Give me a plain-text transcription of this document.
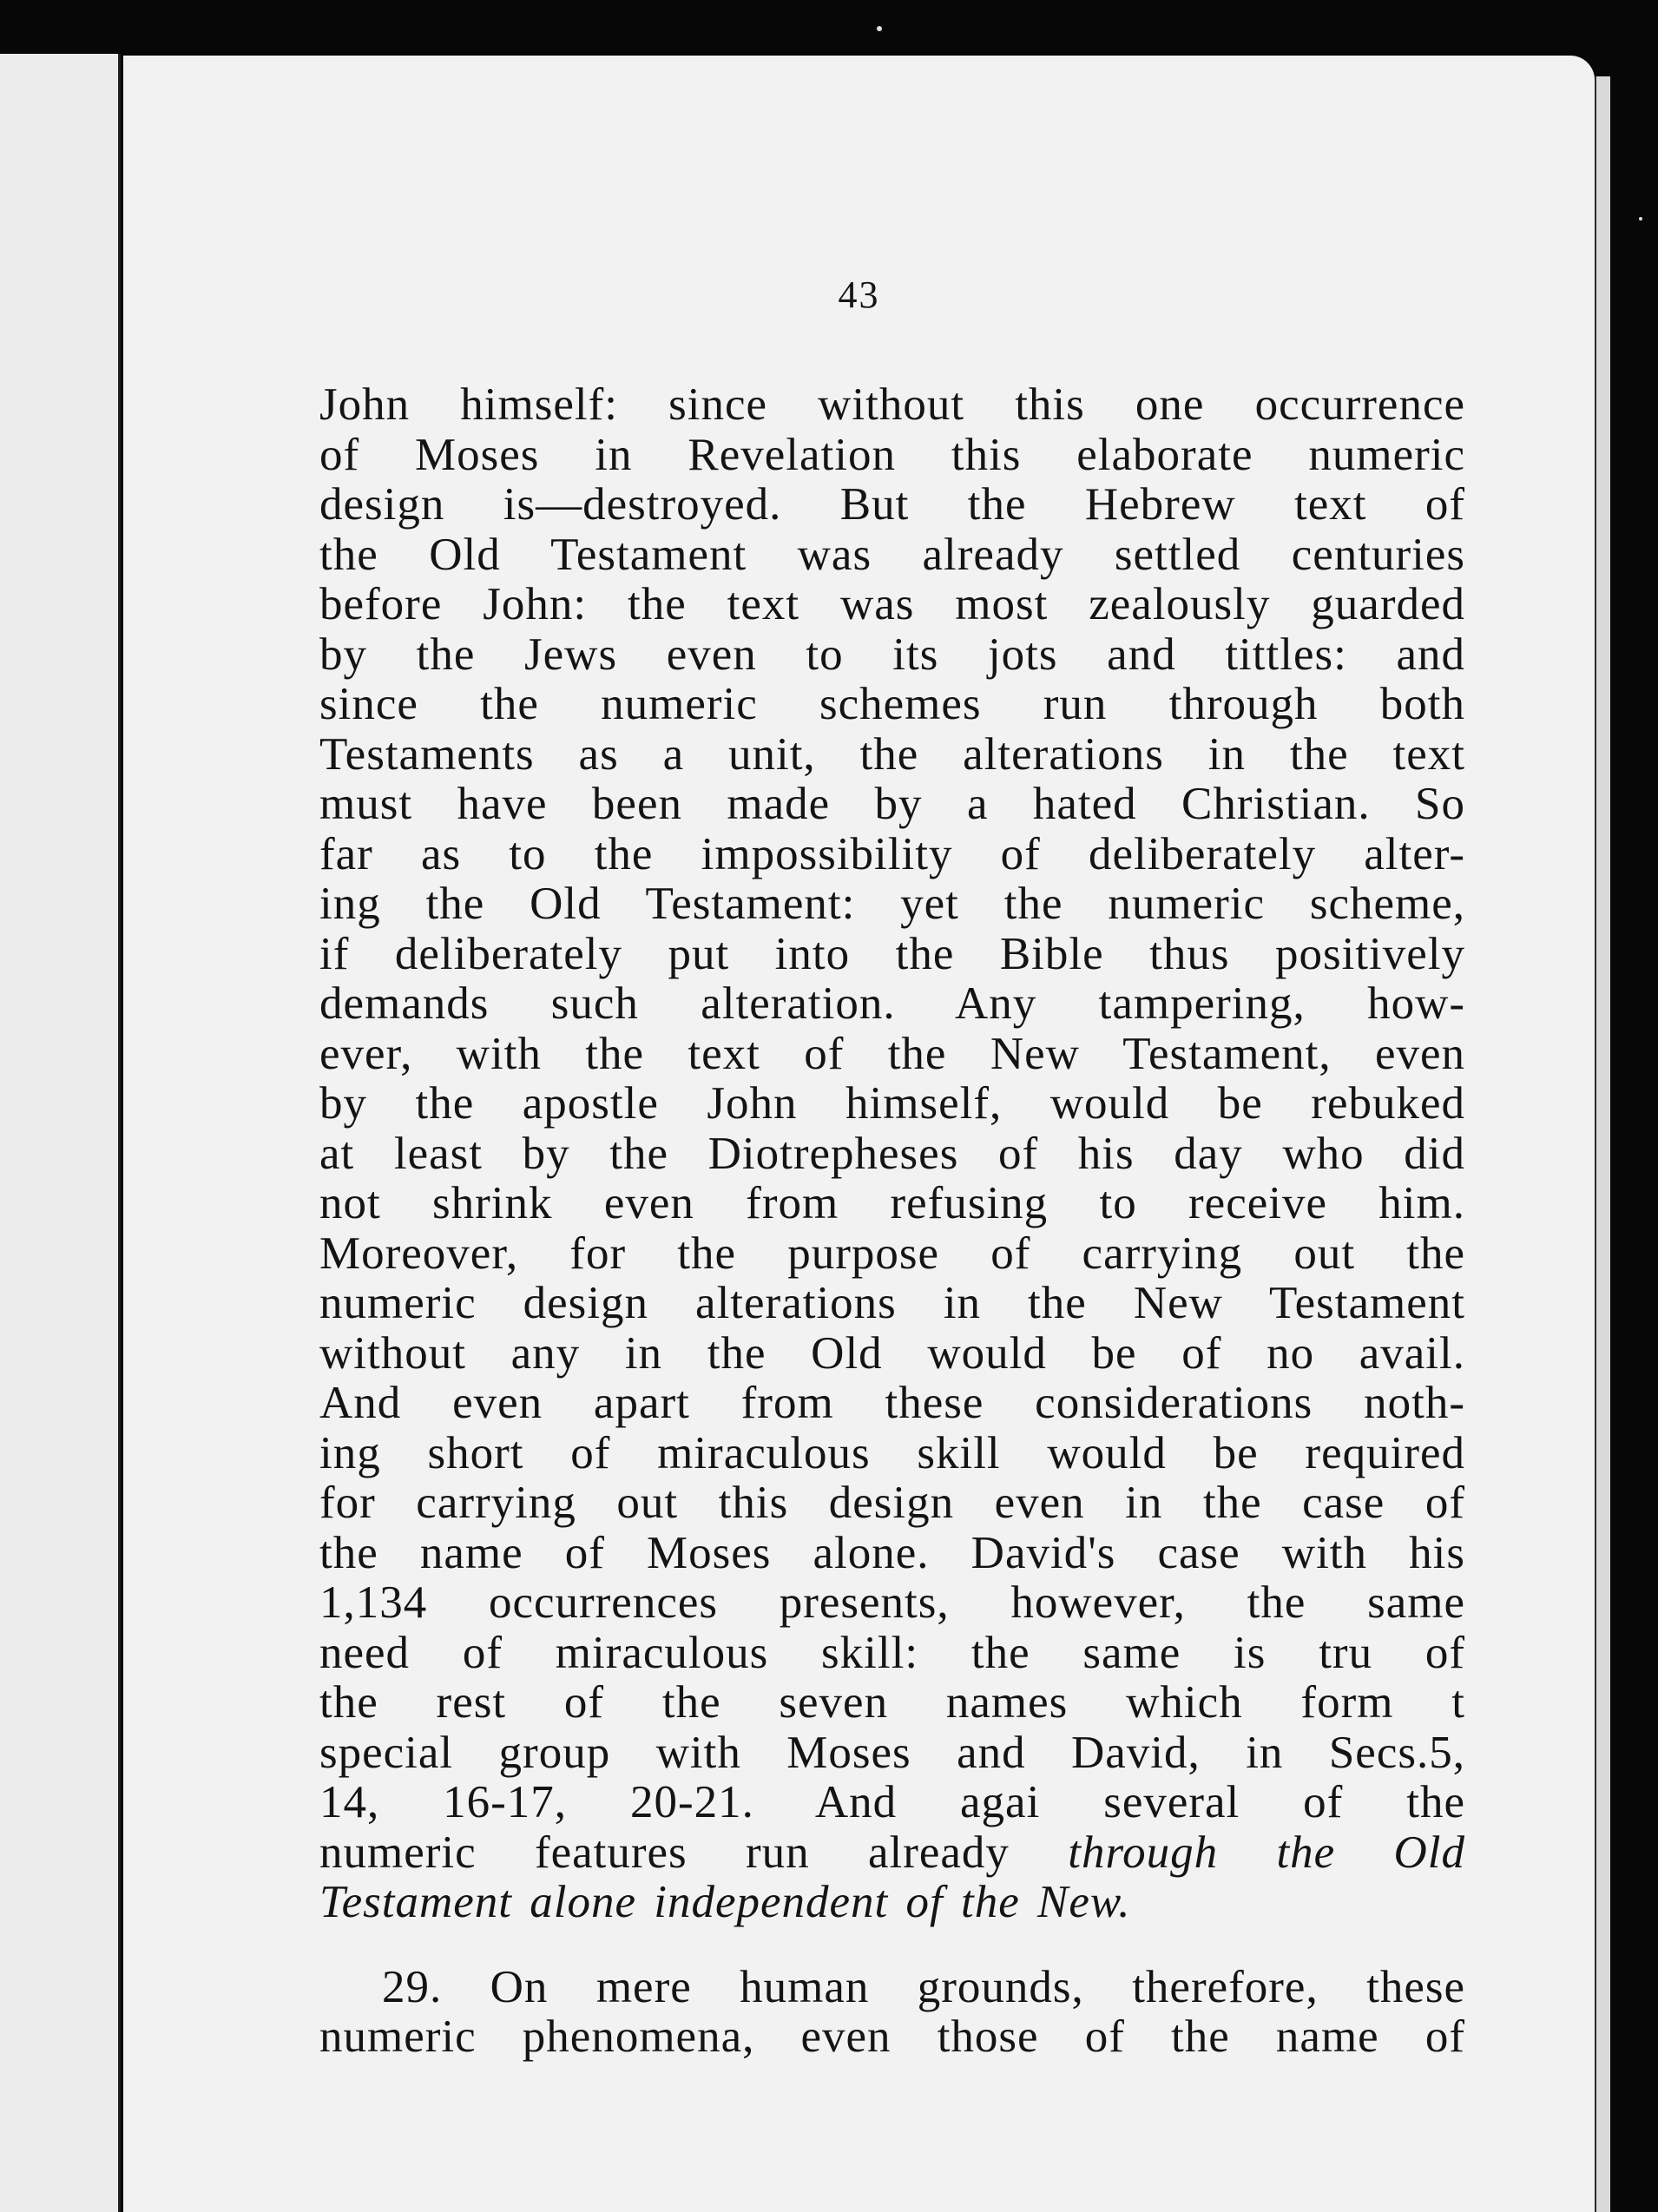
43
John himself: since without this one occurrence
of Moses in Revelation this elaborate numeric
design is—destroyed. But the Hebrew text of
the Old Testament was already settled centuries
before John: the text was most zealously guarded
by the Jews even to its jots and tittles: and
since the numeric schemes run through both
Testaments as a unit, the alterations in the text
must have been made by a hated Christian. So
far as to the impossibility of deliberately alter-
ing the Old Testament: yet the numeric scheme,
if deliberately put into the Bible thus positively
demands such alteration. Any tampering, how-
ever, with the text of the New Testament, even
by the apostle John himself, would be rebuked
at least by the Diotrepheses of his day who did
not shrink even from refusing to receive him.
Moreover, for the purpose of carrying out the
numeric design alterations in the New Testament
without any in the Old would be of no avail.
And even apart from these considerations noth-
ing short of miraculous skill would be required
for carrying out this design even in the case of
the name of Moses alone. David's case with his
1,134 occurrences presents, however, the same
need of miraculous skill: the same is tru of
the rest of the seven names which form t
special group with Moses and David, in Secs.5,
14, 16-17, 20-21. And agai several of the
numeric features run already through the Old
Testament alone independent of the New.
29. On mere human grounds, therefore, these
numeric phenomena, even those of the name of
